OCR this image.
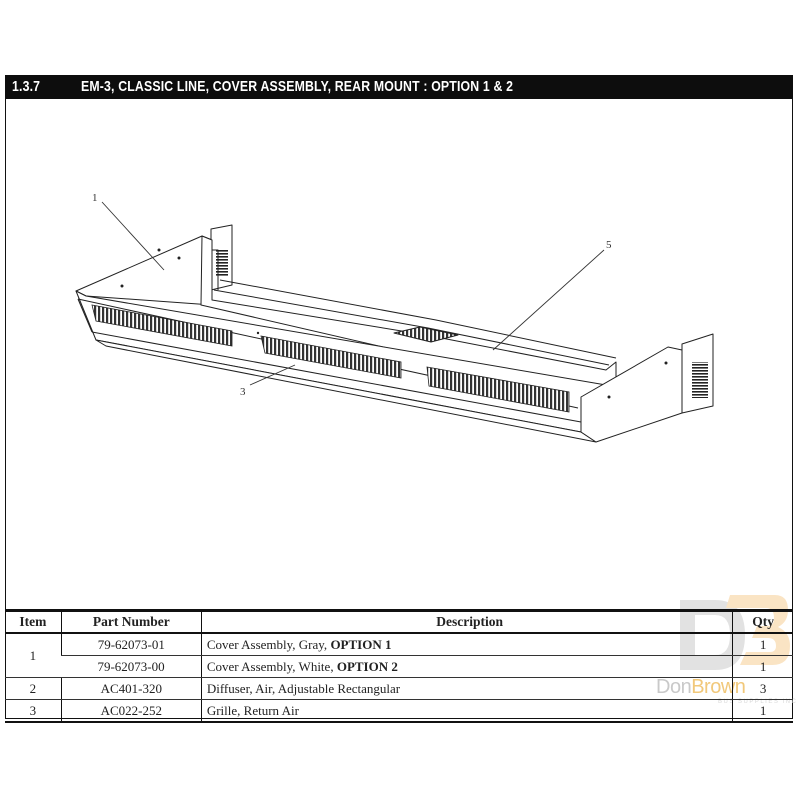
1.3.7	EM-3, CLASSIC LINE, COVER ASSEMBLY, REAR MOUNT : OPTION 1 & 2
1
5
3
DonBrown
BUS SUPPLIES INC
Item	Part Number	Description	Qty
1	79-62073-01	Cover Assembly, Gray, OPTION 1	1
	79-62073-00	Cover Assembly, White, OPTION 2	1
2	AC401-320	Diffuser, Air, Adjustable Rectangular	3
3	AC022-252	Grille, Return Air	1
